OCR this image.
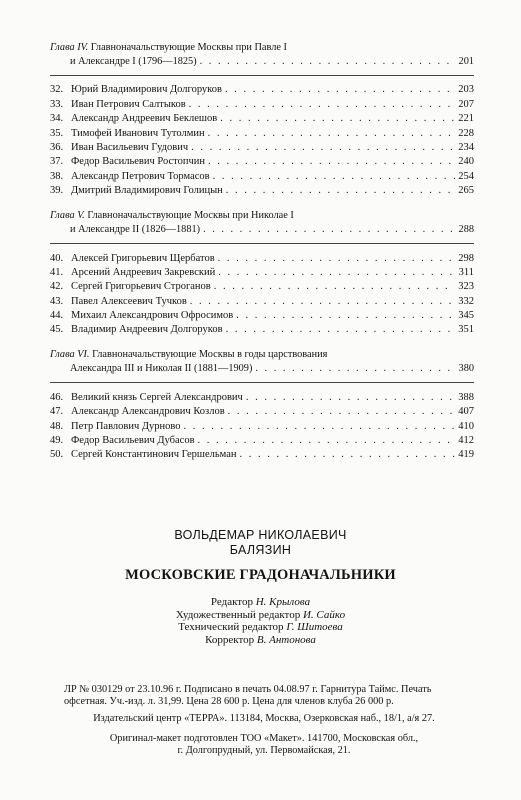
Глава IV. Главноначальствующие Москвы при Павле I
и Александре I (1796—1825) . . .	201
32. Юрий Владимирович Долгоруков . . .	203
33. Иван Петрович Салтыков . . .	207
34. Александр Андреевич Беклешов . . .	221
35. Тимофей Иванович Тутолмин . . .	228
36. Иван Васильевич Гудович . . .	234
37. Федор Васильевич Ростопчин . . .	240
38. Александр Петрович Тормасов . . .	254
39. Дмитрий Владимирович Голицын . . .	265
Глава V. Главноначальствующие Москвы при Николае I
и Александре II (1826—1881) . . .	288
40. Алексей Григорьевич Щербатов . . .	298
41. Арсений Андреевич Закревский . . .	311
42. Сергей Григорьевич Строганов . . .	323
43. Павел Алексеевич Тучков . . .	332
44. Михаил Александрович Офросимов . . .	345
45. Владимир Андреевич Долгоруков . . .	351
Глава VI. Главноначальствующие Москвы в годы царствования
Александра III и Николая II (1881—1909) . . .	380
46. Великий князь Сергей Александрович . . .	388
47. Александр Александрович Козлов . . .	407
48. Петр Павлович Дурново . . .	410
49. Федор Васильевич Дубасов . . .	412
50. Сергей Константинович Гершельман . . .	419
ВОЛЬДЕМАР НИКОЛАЕВИЧ
БАЛЯЗИН
МОСКОВСКИЕ ГРАДОНАЧАЛЬНИКИ
Редактор Н. Крылова
Художественный редактор И. Сайко
Технический редактор Г. Шитоева
Корректор В. Антонова
ЛР № 030129 от 23.10.96 г. Подписано в печать 04.08.97 г. Гарнитура Таймс. Печать
офсетная. Уч.-изд. л. 31,99. Цена 28 600 р. Цена для членов клуба 26 000 р.
Издательский центр «ТЕРРА». 113184, Москва, Озерковская наб., 18/1, а/я 27.
Оригинал-макет подготовлен ТОО «Макет». 141700, Московская обл.,
г. Долгопрудный, ул. Первомайская, 21.
